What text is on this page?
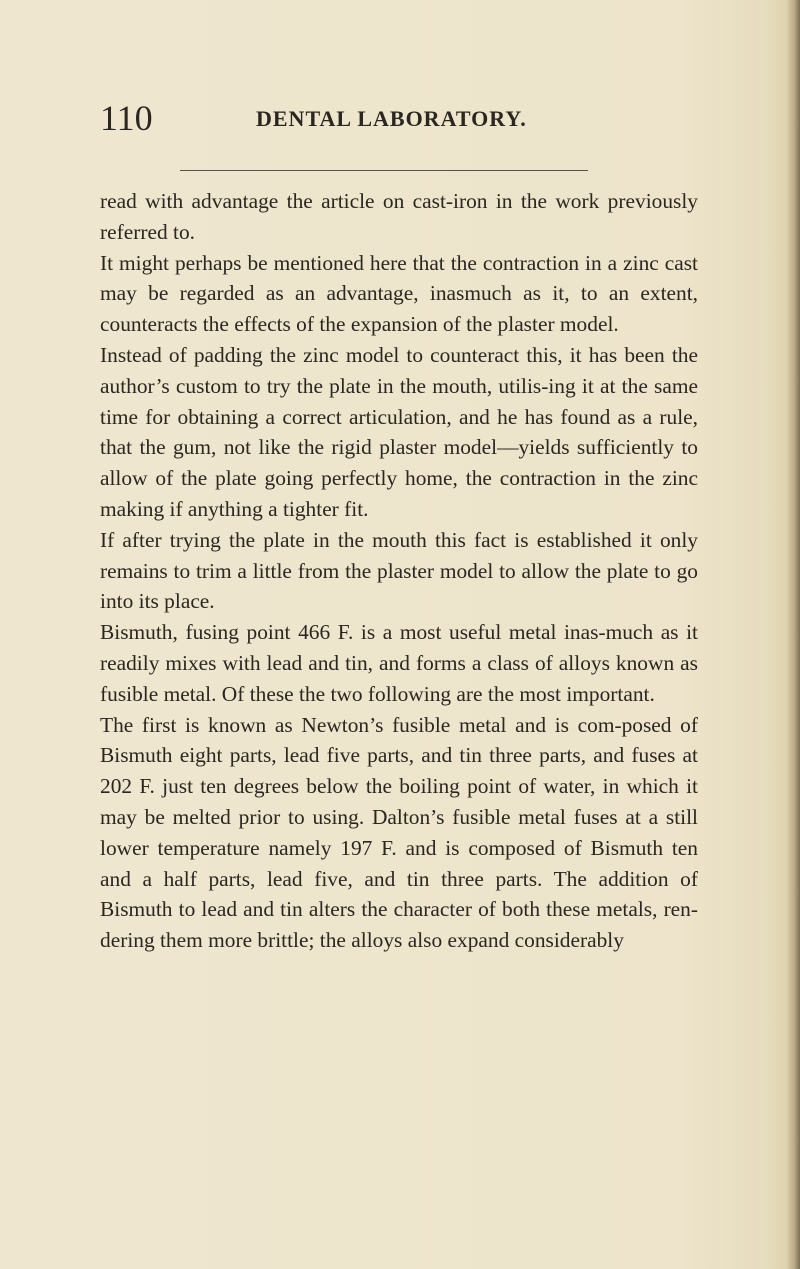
110	DENTAL LABORATORY.

read with advantage the article on cast-iron in the work previously referred to.

It might perhaps be mentioned here that the contraction in a zinc cast may be regarded as an advantage, inasmuch as it, to an extent, counteracts the effects of the expansion of the plaster model.

Instead of padding the zinc model to counteract this, it has been the author’s custom to try the plate in the mouth, utilis-ing it at the same time for obtaining a correct articulation, and he has found as a rule, that the gum, not like the rigid plaster model—yields sufficiently to allow of the plate going perfectly home, the contraction in the zinc making if anything a tighter fit.

If after trying the plate in the mouth this fact is established it only remains to trim a little from the plaster model to allow the plate to go into its place.

Bismuth, fusing point 466 F. is a most useful metal inas-much as it readily mixes with lead and tin, and forms a class of alloys known as fusible metal. Of these the two following are the most important.

The first is known as Newton’s fusible metal and is com-posed of Bismuth eight parts, lead five parts, and tin three parts, and fuses at 202 F. just ten degrees below the boiling point of water, in which it may be melted prior to using. Dalton’s fusible metal fuses at a still lower temperature namely 197 F. and is composed of Bismuth ten and a half parts, lead five, and tin three parts. The addition of Bismuth to lead and tin alters the character of both these metals, ren-dering them more brittle; the alloys also expand considerably
